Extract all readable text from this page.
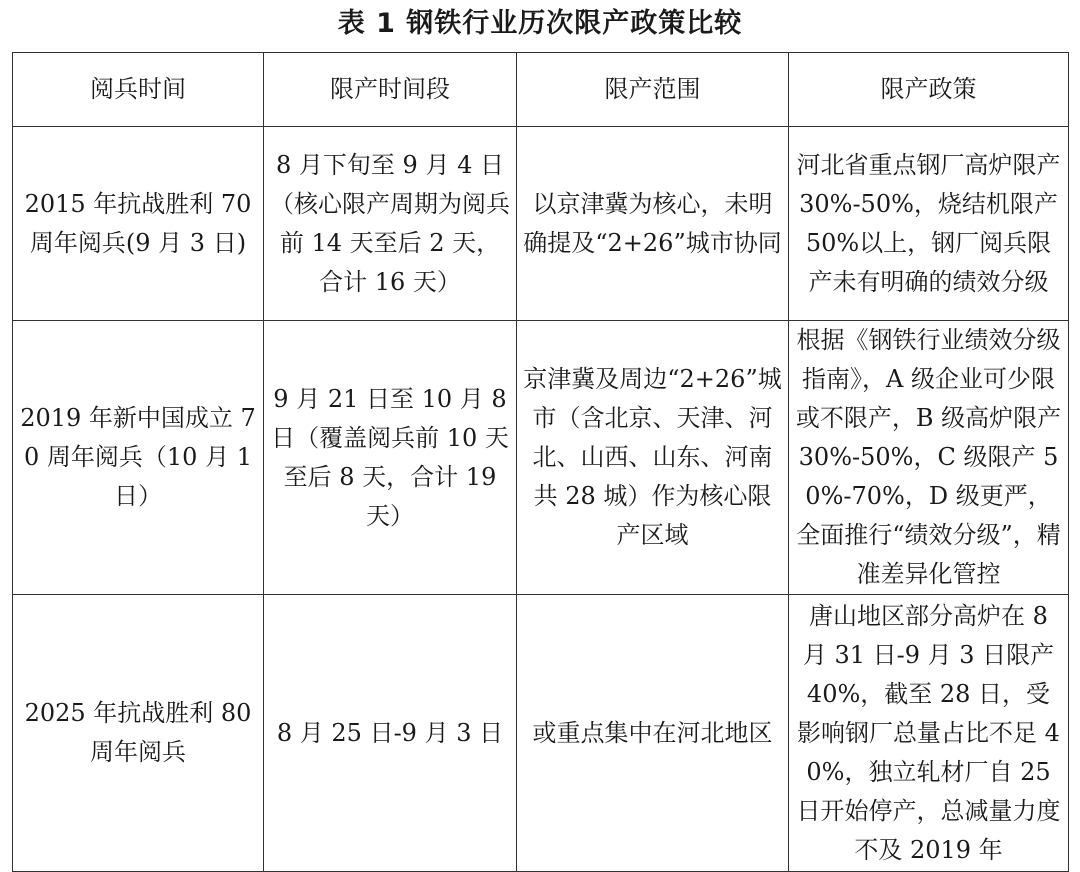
表 1 钢铁行业历次限产政策比较
阅兵时间	限产时间段	限产范围	限产政策
2015 年抗战胜利 70 周年阅兵(9 月 3 日)	8 月下旬至 9 月 4 日（核心限产周期为阅兵前 14 天至后 2 天，合计 16 天）	以京津冀为核心，未明确提及“2+26”城市协同	河北省重点钢厂高炉限产 30%-50%，烧结机限产 50%以上，钢厂阅兵限产未有明确的绩效分级
2019 年新中国成立 70 周年阅兵（10 月 1 日）	9 月 21 日至 10 月 8 日（覆盖阅兵前 10 天至后 8 天，合计 19 天）	京津冀及周边“2+26”城市（含北京、天津、河北、山西、山东、河南共 28 城）作为核心限产区域	根据《钢铁行业绩效分级指南》，A 级企业可少限或不限产，B 级高炉限产 30%-50%，C 级限产 50%-70%，D 级更严，全面推行“绩效分级”，精准差异化管控
2025 年抗战胜利 80 周年阅兵	8 月 25 日-9 月 3 日	或重点集中在河北地区	唐山地区部分高炉在 8 月 31 日-9 月 3 日限产 40%，截至 28 日，受影响钢厂总量占比不足 40%，独立轧材厂自 25 日开始停产，总减量力度不及 2019 年
